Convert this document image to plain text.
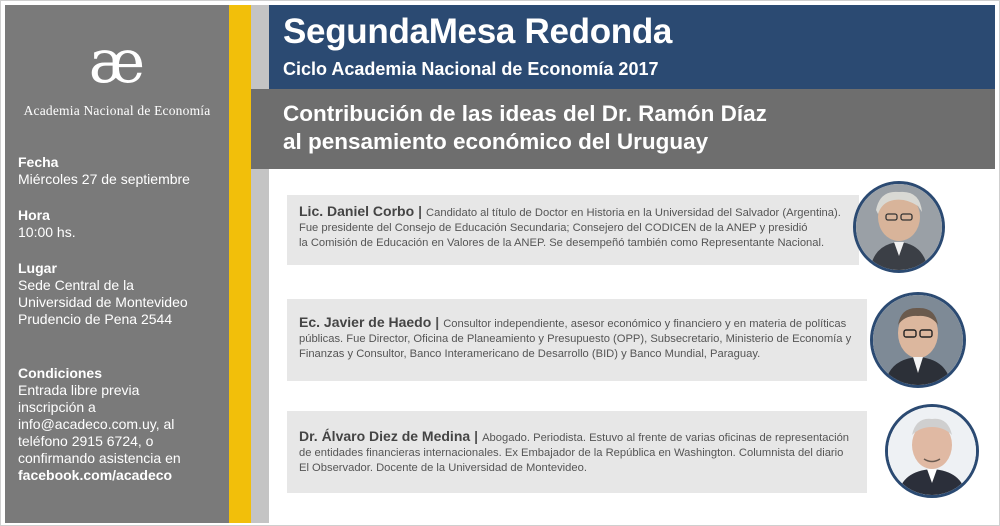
æ
Academia Nacional de Economía
Fecha
Miércoles 27 de septiembre
Hora
10:00 hs.
Lugar
Sede Central de la
Universidad de Montevideo
Prudencio de Pena 2544
Condiciones
Entrada libre previa
inscripción a
info@acadeco.com.uy, al
teléfono 2915 6724, o
confirmando asistencia en
facebook.com/acadeco
SegundaMesa Redonda
Ciclo Academia Nacional de Economía 2017
Contribución de las ideas del Dr. Ramón Díaz
al pensamiento económico del Uruguay
Lic. Daniel Corbo | Candidato al título de Doctor en Historia en la Universidad del Salvador (Argentina).
Fue presidente del Consejo de Educación Secundaria; Consejero del CODICEN de la ANEP y presidió
la Comisión de Educación en Valores de la ANEP. Se desempeñó también como Representante Nacional.
Ec. Javier de Haedo | Consultor independiente, asesor económico y financiero y en materia de políticas
públicas. Fue Director, Oficina de Planeamiento y Presupuesto (OPP), Subsecretario, Ministerio de Economía y
Finanzas y Consultor, Banco Interamericano de Desarrollo (BID) y Banco Mundial, Paraguay.
Dr. Álvaro Diez de Medina | Abogado. Periodista. Estuvo al frente de varias oficinas de representación
de entidades financieras internacionales. Ex Embajador de la República en Washington. Columnista del diario
El Observador. Docente de la Universidad de Montevideo.
